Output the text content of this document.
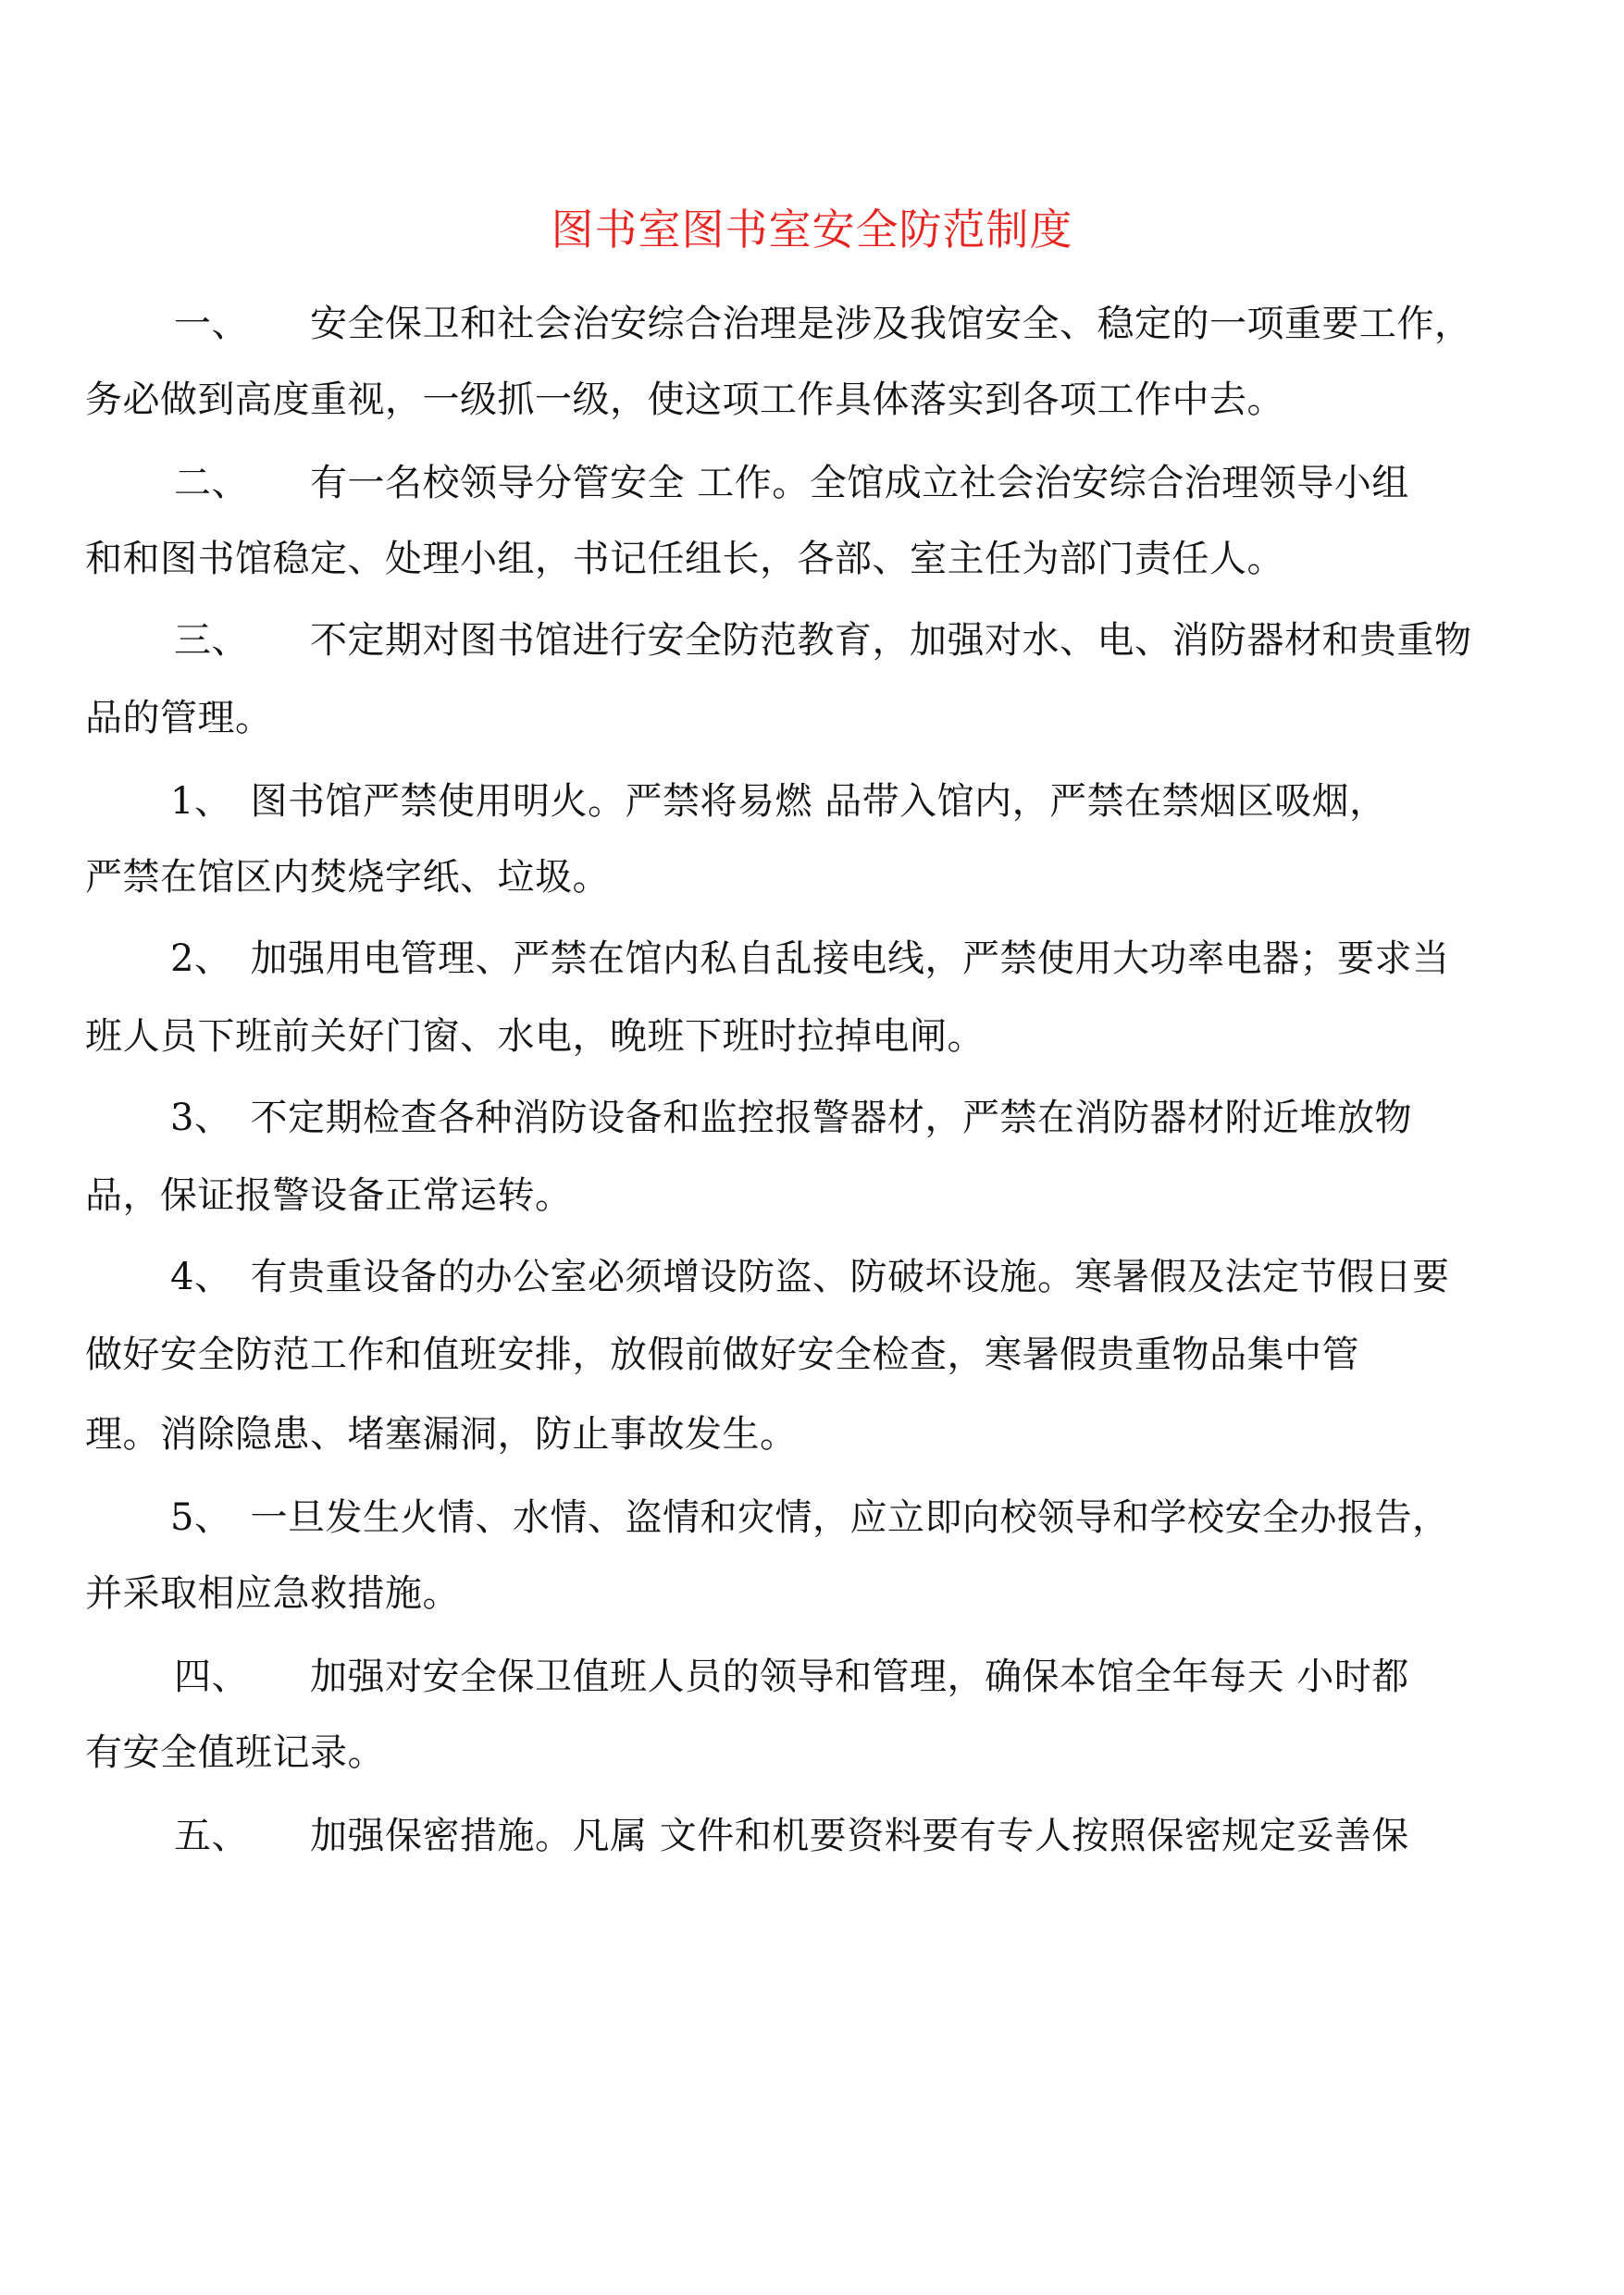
图书室图书室安全防范制度
一、 安全保卫和社会治安综合治理是涉及我馆安全、稳定的一项重要工作，
务必做到高度重视，一级抓一级，使这项工作具体落实到各项工作中去。
二、 有一名校领导分管安全 工作。全馆成立社会治安综合治理领导小组
和和图书馆稳定、处理小组，书记任组长，各部、室主任为部门责任人。
三、 不定期对图书馆进行安全防范教育，加强对水、电、消防器材和贵重物
品的管理。
1、 图书馆严禁使用明火。严禁将易燃 品带入馆内，严禁在禁烟区吸烟，
严禁在馆区内焚烧字纸、垃圾。
2、 加强用电管理、严禁在馆内私自乱接电线，严禁使用大功率电器；要求当
班人员下班前关好门窗、水电，晚班下班时拉掉电闸。
3、 不定期检查各种消防设备和监控报警器材，严禁在消防器材附近堆放物
品，保证报警设备正常运转。
4、 有贵重设备的办公室必须增设防盗、防破坏设施。寒暑假及法定节假日要
做好安全防范工作和值班安排，放假前做好安全检查，寒暑假贵重物品集中管
理。消除隐患、堵塞漏洞，防止事故发生。
5、 一旦发生火情、水情、盗情和灾情，应立即向校领导和学校安全办报告，
并采取相应急救措施。
四、 加强对安全保卫值班人员的领导和管理，确保本馆全年每天 小时都
有安全值班记录。
五、 加强保密措施。凡属 文件和机要资料要有专人按照保密规定妥善保
